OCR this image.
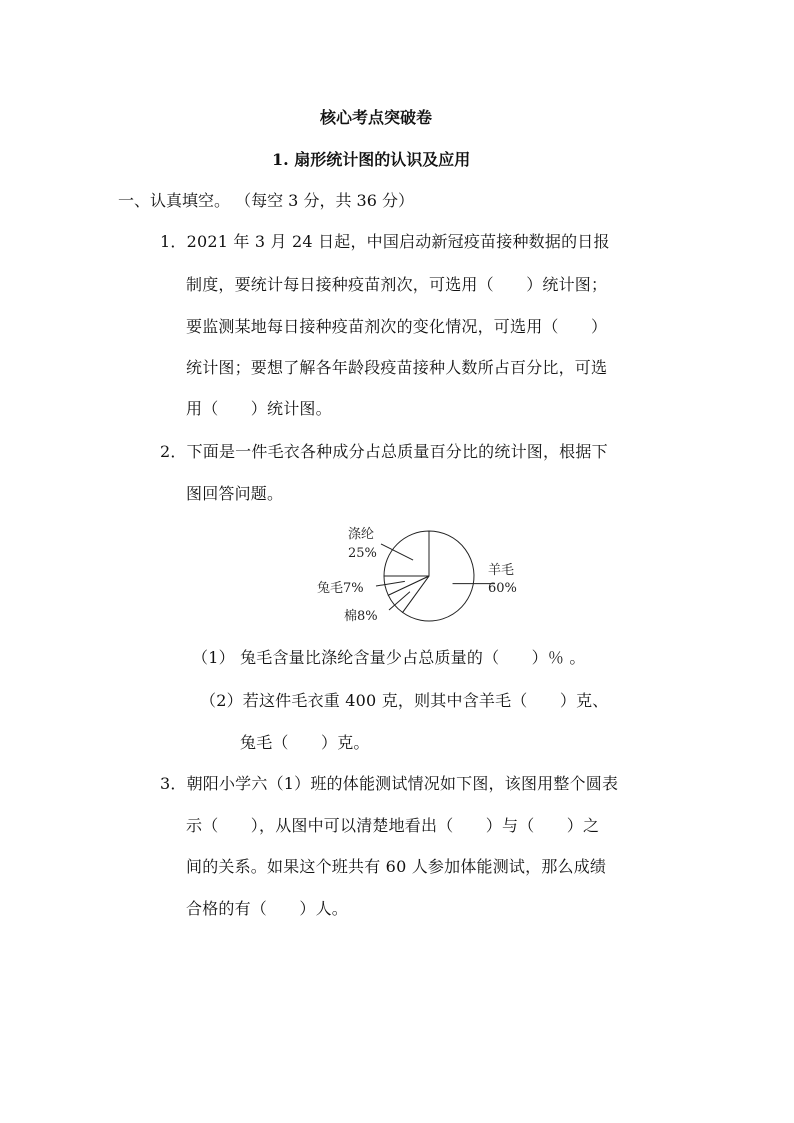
核心考点突破卷
1. 扇形统计图的认识及应用
一、认真填空。 （每空 3 分，共 36 分）
1．2021 年 3 月 24 日起，中国启动新冠疫苗接种数据的日报
制度，要统计每日接种疫苗剂次，可选用（　　）统计图；
要监测某地每日接种疫苗剂次的变化情况，可选用（　　）
统计图；要想了解各年龄段疫苗接种人数所占百分比，可选
用（　　）统计图。
2．下面是一件毛衣各种成分占总质量百分比的统计图，根据下
图回答问题。
羊毛
60%
棉8%
兔毛7%
涤纶
25%
（1） 兔毛含量比涤纶含量少占总质量的（　　）％ 。
（2）若这件毛衣重 400 克，则其中含羊毛（　　）克、
兔毛（　　）克。
3．朝阳小学六（1）班的体能测试情况如下图，该图用整个圆表
示（　　），从图中可以清楚地看出（　　）与（　　）之
间的关系。如果这个班共有 60 人参加体能测试，那么成绩
合格的有（　　）人。
